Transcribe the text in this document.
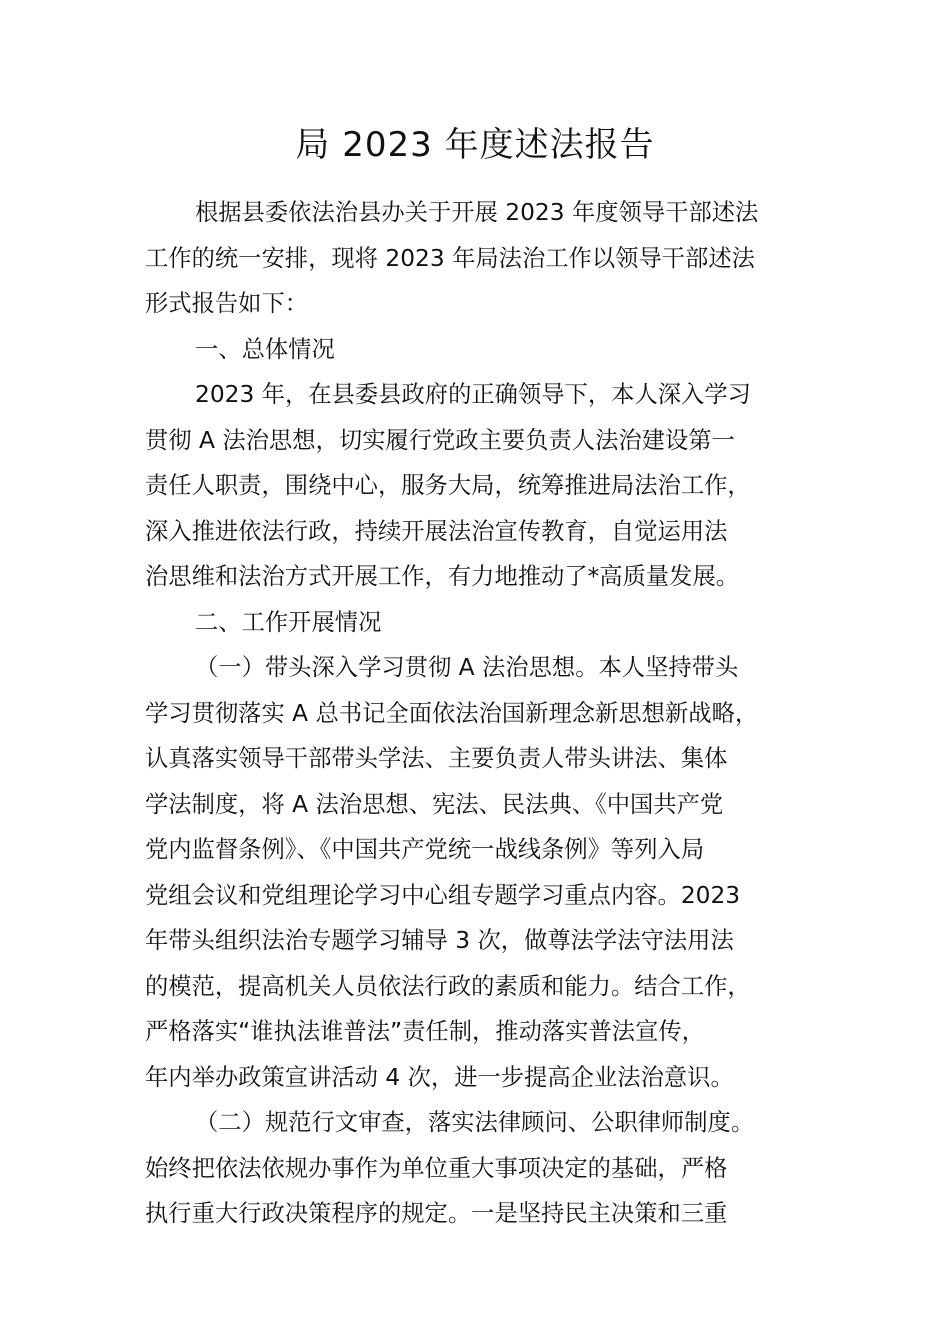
局 2023 年度述法报告
根据县委依法治县办关于开展 2023 年度领导干部述法
工作的统一安排，现将 2023 年局法治工作以领导干部述法
形式报告如下：
一、总体情况
2023 年，在县委县政府的正确领导下，本人深入学习
贯彻 A 法治思想，切实履行党政主要负责人法治建设第一
责任人职责，围绕中心，服务大局，统筹推进局法治工作，
深入推进依法行政，持续开展法治宣传教育，自觉运用法
治思维和法治方式开展工作，有力地推动了*高质量发展。
二、工作开展情况
（一）带头深入学习贯彻 A 法治思想。本人坚持带头
学习贯彻落实 A 总书记全面依法治国新理念新思想新战略，
认真落实领导干部带头学法、主要负责人带头讲法、集体
学法制度，将 A 法治思想、宪法、民法典、《中国共产党
党内监督条例》、《中国共产党统一战线条例》等列入局
党组会议和党组理论学习中心组专题学习重点内容。2023
年带头组织法治专题学习辅导 3 次，做尊法学法守法用法
的模范，提高机关人员依法行政的素质和能力。结合工作，
严格落实“谁执法谁普法”责任制，推动落实普法宣传，
年内举办政策宣讲活动 4 次，进一步提高企业法治意识。
（二）规范行文审查，落实法律顾问、公职律师制度。
始终把依法依规办事作为单位重大事项决定的基础，严格
执行重大行政决策程序的规定。一是坚持民主决策和三重
